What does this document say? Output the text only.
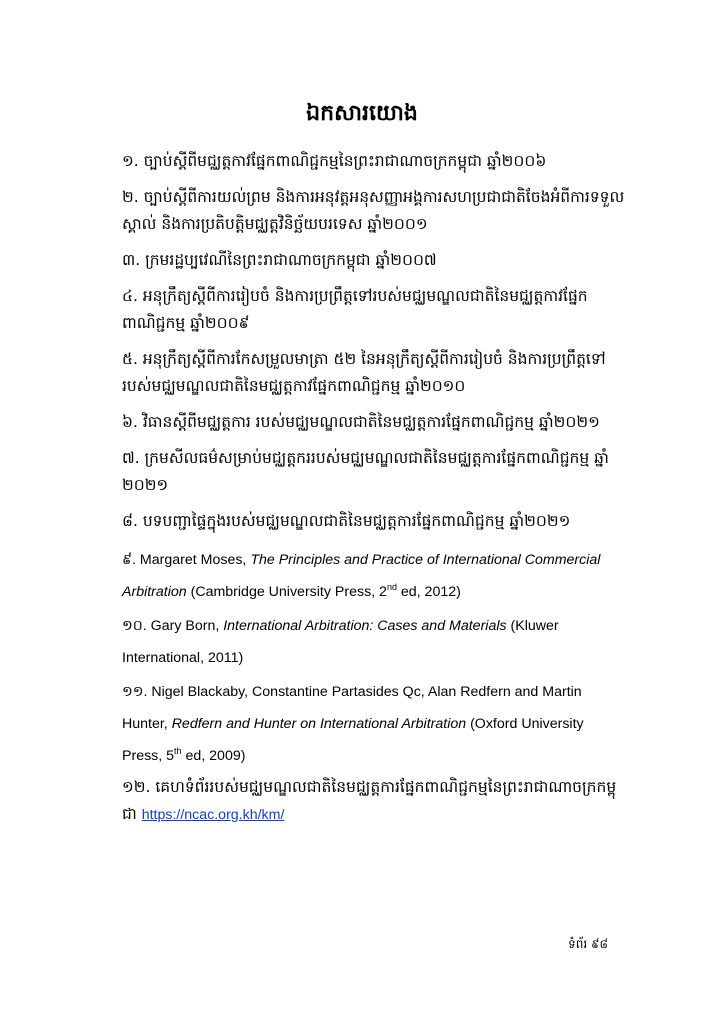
ឯកសារយោង
១. ច្បាប់ស្តីពីមជ្ឈត្តកាវផ្នែកពាណិជ្ជកម្មនៃព្រះរាជាណាចក្រកម្ពុជា ឆ្នាំ២០០៦
២. ច្បាប់ស្តីពីការយល់ព្រម និងការអនុវត្តអនុសញ្ញាអង្គការសហប្រជាជាតិចែងអំពីការទទួល
ស្គាល់ និងការប្រតិបត្តិមជ្ឈត្តវិនិច្ឆ័យបរទេស ឆ្នាំ២០០១
៣. ក្រមរដ្ឋប្បវេណីនៃព្រះរាជាណាចក្រកម្ពុជា ឆ្នាំ២០០៧
៤. អនុក្រឹត្យស្តីពីការរៀបចំ និងការប្រព្រឹត្តទៅរបស់មជ្ឈមណ្ឌលជាតិនៃមជ្ឈត្តកាវផ្នែក
ពាណិជ្ជកម្ម ឆ្នាំ២០០៩
៥. អនុក្រឹត្យស្តីពីការកែសម្រួលមាត្រា ៥២ នៃអនុក្រឹត្យស្តីពីការរៀបចំ និងការប្រព្រឹត្តទៅ
របស់មជ្ឈមណ្ឌលជាតិនៃមជ្ឈត្តកាវផ្នែកពាណិជ្ជកម្ម ឆ្នាំ២០១០
៦. វិធានស្តីពីមជ្ឈត្តការ របស់មជ្ឈមណ្ឌលជាតិនៃមជ្ឈត្តការផ្នែកពាណិជ្ជកម្ម ឆ្នាំ២០២១
៧. ក្រមសីលធម៌សម្រាប់មជ្ឈត្តកររបស់មជ្ឈមណ្ឌលជាតិនៃមជ្ឈត្តការផ្នែកពាណិជ្ជកម្ម ឆ្នាំ
២០២១
៨. បទបញ្ជាផ្ទៃក្នុងរបស់មជ្ឈមណ្ឌលជាតិនៃមជ្ឈត្តការផ្នែកពាណិជ្ជកម្ម ឆ្នាំ២០២១
៩. Margaret Moses, The Principles and Practice of International Commercial
Arbitration (Cambridge University Press, 2nd ed, 2012)
១០. Gary Born, International Arbitration: Cases and Materials (Kluwer
International, 2011)
១១. Nigel Blackaby, Constantine Partasides Qc, Alan Redfern and Martin
Hunter, Redfern and Hunter on International Arbitration (Oxford University
Press, 5th ed, 2009)
១២. គេហទំព័ររបស់មជ្ឈមណ្ឌលជាតិនៃមជ្ឈត្តការផ្នែកពាណិជ្ជកម្មនៃព្រះរាជាណាចក្រកម្ពុ
ជា https://ncac.org.kh/km/
ទំព័រ ៩៨
